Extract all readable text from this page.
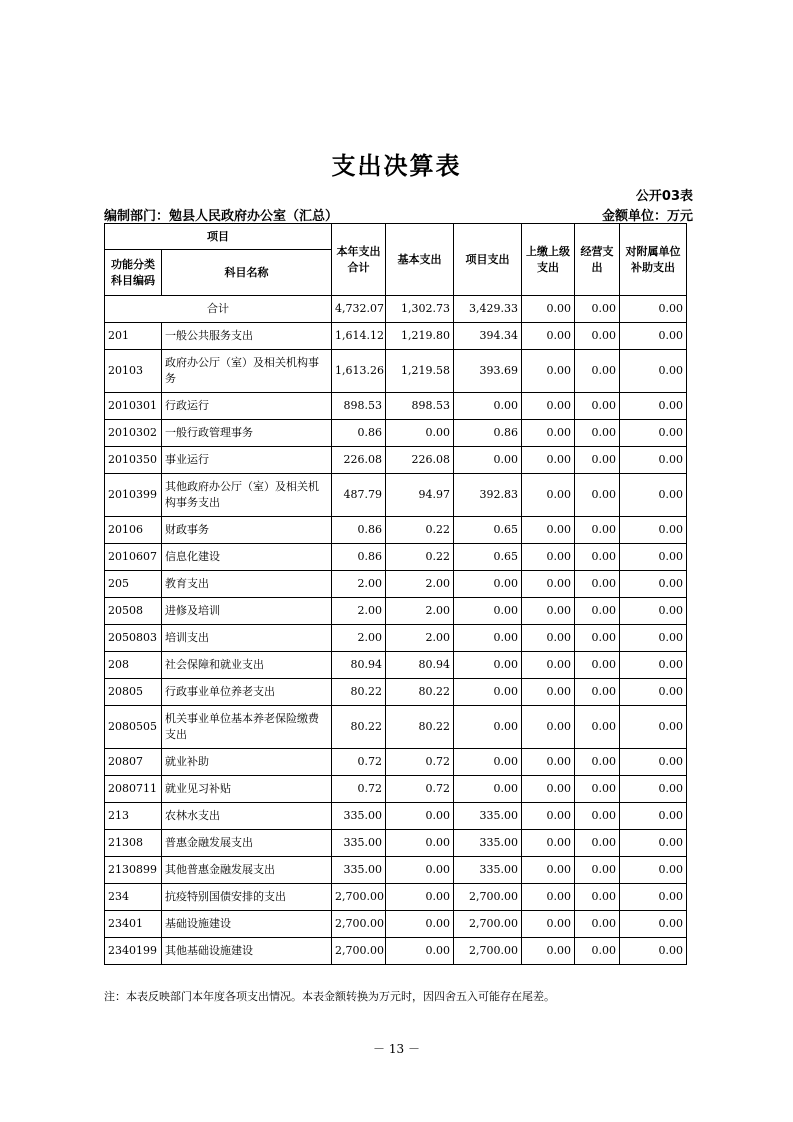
支出决算表
公开03表
编制部门：勉县人民政府办公室（汇总）	金额单位：万元
项目		本年支出合计	基本支出	项目支出	上缴上级支出	经营支出	对附属单位补助支出
功能分类科目编码	科目名称						
合计		4,732.07	1,302.73	3,429.33	0.00	0.00	0.00
201	一般公共服务支出	1,614.12	1,219.80	394.34	0.00	0.00	0.00
20103	政府办公厅（室）及相关机构事务	1,613.26	1,219.58	393.69	0.00	0.00	0.00
2010301	行政运行	898.53	898.53	0.00	0.00	0.00	0.00
2010302	一般行政管理事务	0.86	0.00	0.86	0.00	0.00	0.00
2010350	事业运行	226.08	226.08	0.00	0.00	0.00	0.00
2010399	其他政府办公厅（室）及相关机构事务支出	487.79	94.97	392.83	0.00	0.00	0.00
20106	财政事务	0.86	0.22	0.65	0.00	0.00	0.00
2010607	信息化建设	0.86	0.22	0.65	0.00	0.00	0.00
205	教育支出	2.00	2.00	0.00	0.00	0.00	0.00
20508	进修及培训	2.00	2.00	0.00	0.00	0.00	0.00
2050803	培训支出	2.00	2.00	0.00	0.00	0.00	0.00
208	社会保障和就业支出	80.94	80.94	0.00	0.00	0.00	0.00
20805	行政事业单位养老支出	80.22	80.22	0.00	0.00	0.00	0.00
2080505	机关事业单位基本养老保险缴费支出	80.22	80.22	0.00	0.00	0.00	0.00
20807	就业补助	0.72	0.72	0.00	0.00	0.00	0.00
2080711	就业见习补贴	0.72	0.72	0.00	0.00	0.00	0.00
213	农林水支出	335.00	0.00	335.00	0.00	0.00	0.00
21308	普惠金融发展支出	335.00	0.00	335.00	0.00	0.00	0.00
2130899	其他普惠金融发展支出	335.00	0.00	335.00	0.00	0.00	0.00
234	抗疫特别国债安排的支出	2,700.00	0.00	2,700.00	0.00	0.00	0.00
23401	基础设施建设	2,700.00	0.00	2,700.00	0.00	0.00	0.00
2340199	其他基础设施建设	2,700.00	0.00	2,700.00	0.00	0.00	0.00
注：本表反映部门本年度各项支出情况。本表金额转换为万元时，因四舍五入可能存在尾差。
－ 13 －
